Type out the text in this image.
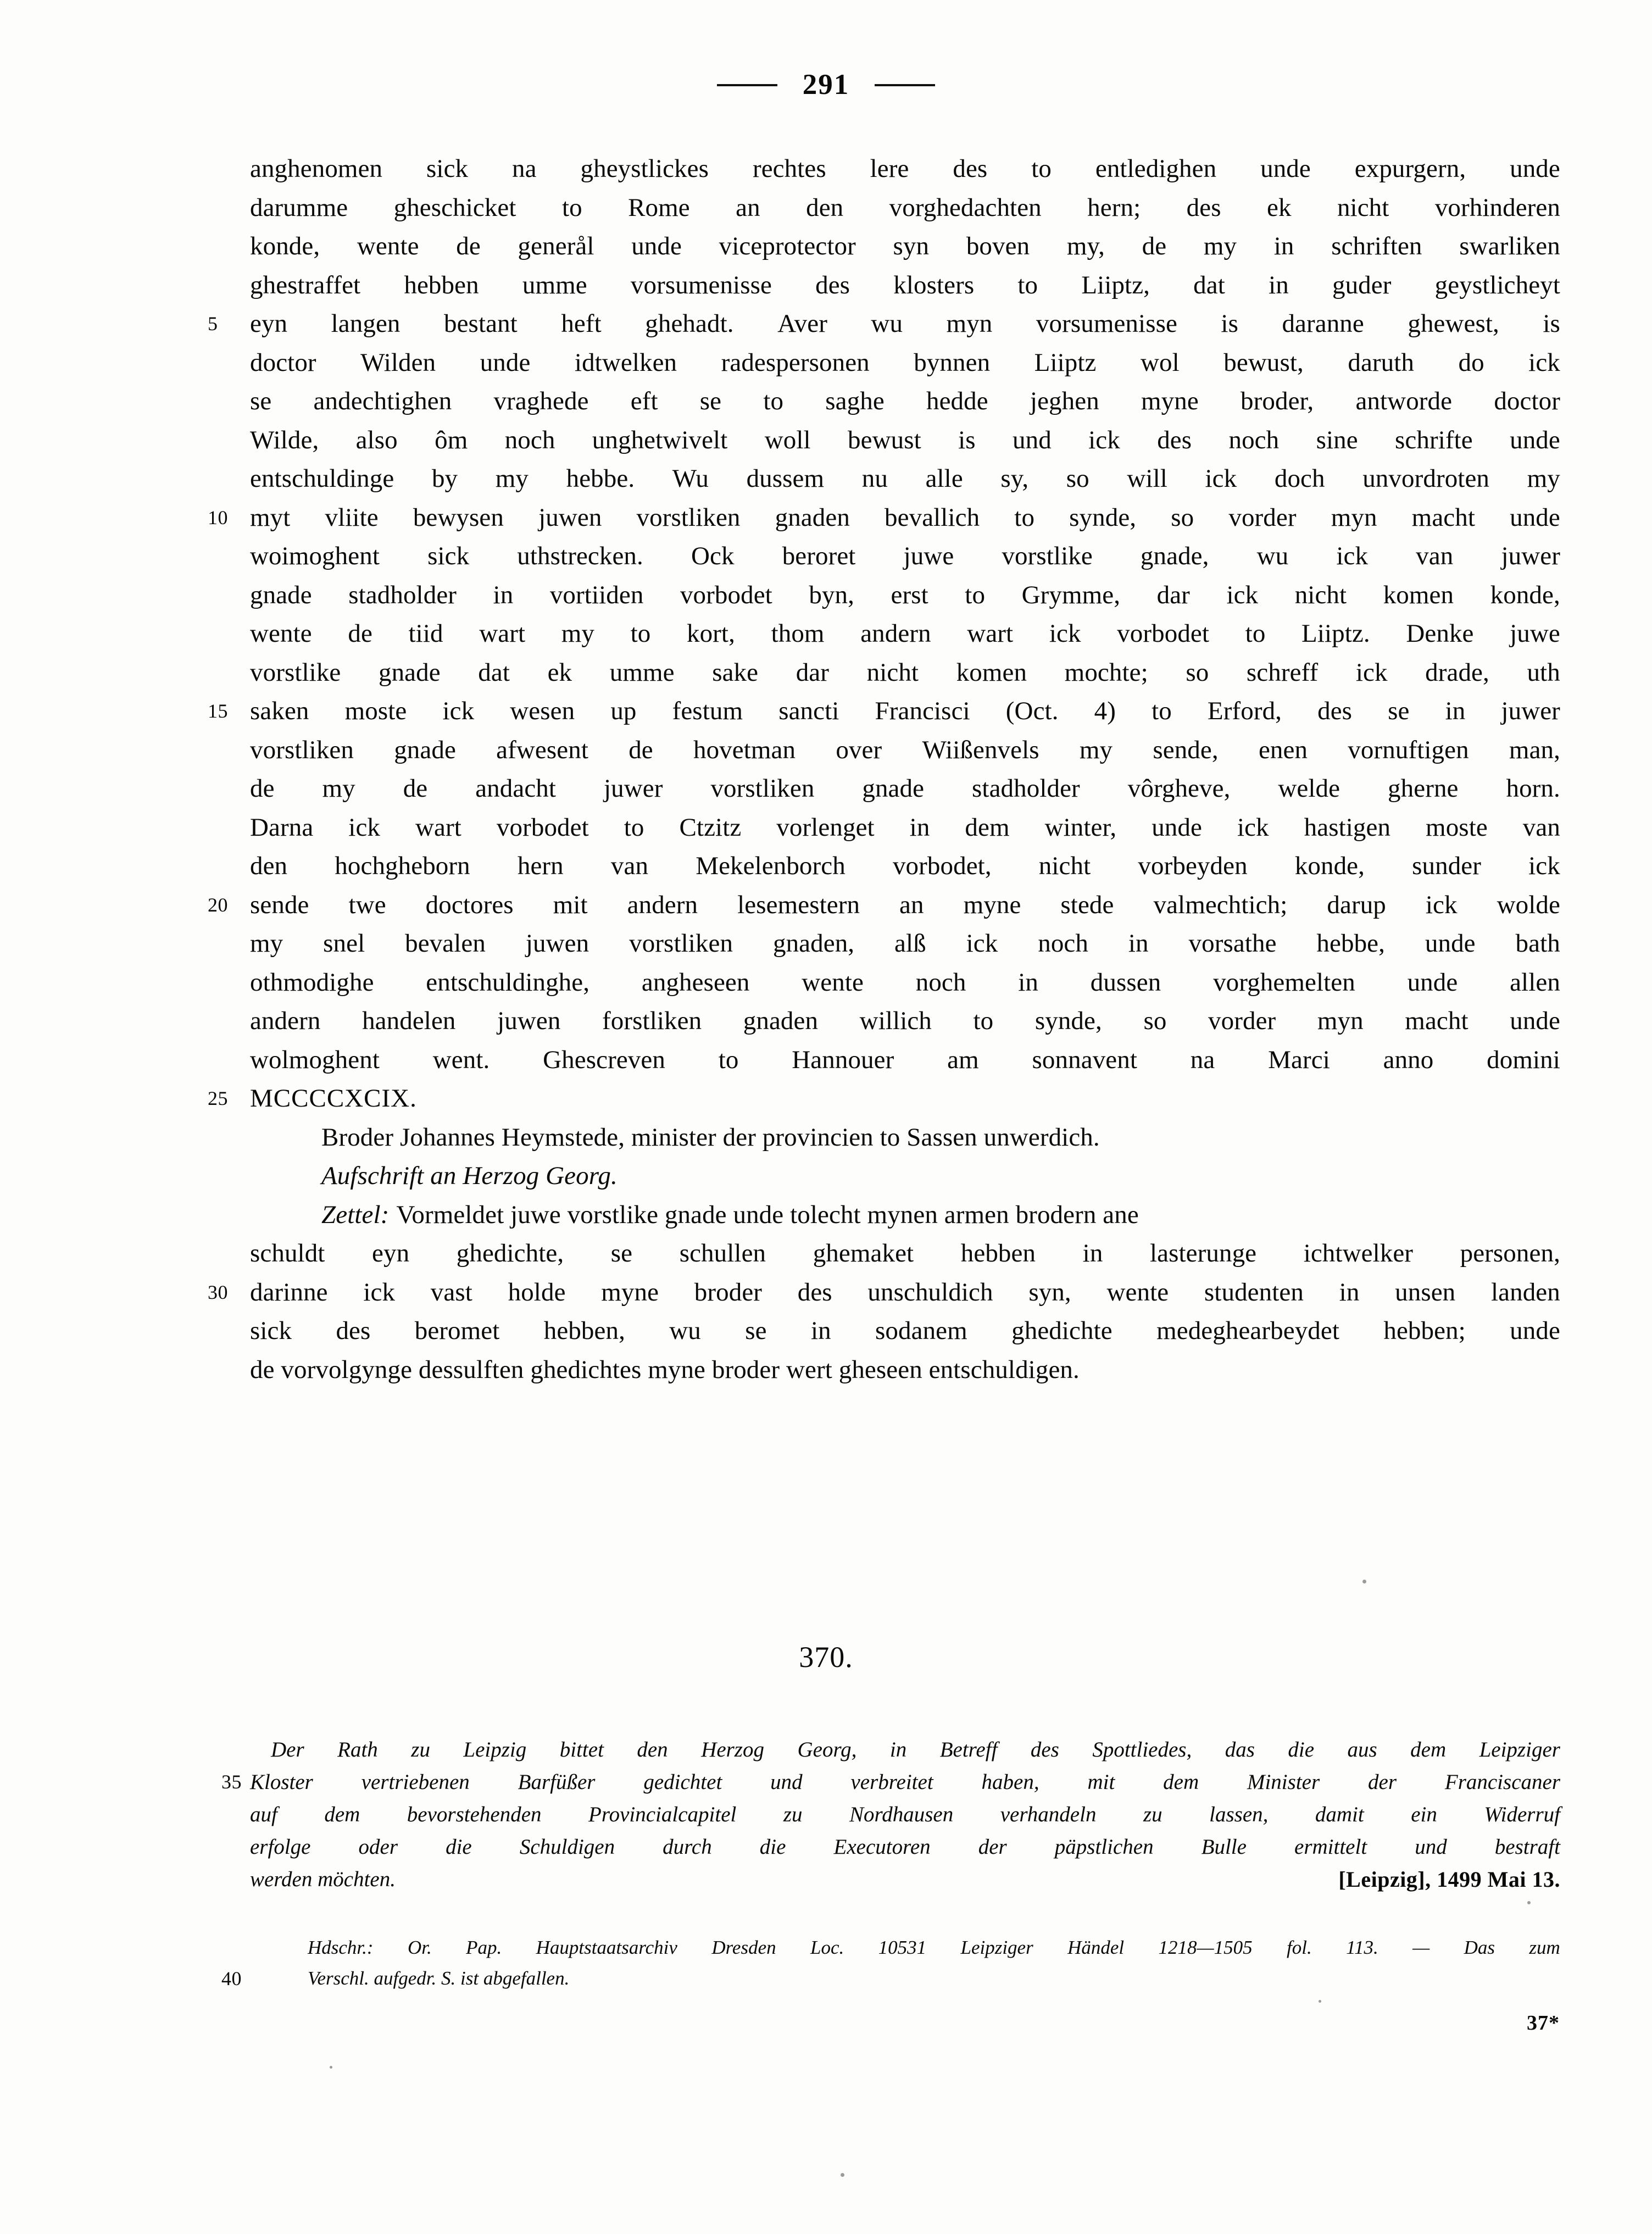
291
anghenomen sick na gheystlickes rechtes lere des to entledighen unde expurgern, unde
darumme gheschicket to Rome an den vorghedachten hern; des ek nicht vorhinderen
konde, wente de generål unde viceprotector syn boven my, de my in schriften swarliken
ghestraffet hebben umme vorsumenisse des klosters to Liiptz, dat in guder geystlicheyt
5	eyn langen bestant heft ghehadt. Aver wu myn vorsumenisse is daranne ghewest, is
doctor Wilden unde idtwelken radespersonen bynnen Liiptz wol bewust, daruth do ick
se andechtighen vraghede eft se to saghe hedde jeghen myne broder, antworde doctor
Wilde, also ôm noch unghetwivelt woll bewust is und ick des noch sine schrifte unde
entschuldinge by my hebbe. Wu dussem nu alle sy, so will ick doch unvordroten my
10 myt vliite bewysen juwen vorstliken gnaden bevallich to synde, so vorder myn macht unde
woimoghent sick uthstrecken. Ock beroret juwe vorstlike gnade, wu ick van juwer
gnade stadholder in vortiiden vorbodet byn, erst to Grymme, dar ick nicht komen konde,
wente de tiid wart my to kort, thom andern wart ick vorbodet to Liiptz. Denke juwe
vorstlike gnade dat ek umme sake dar nicht komen mochte; so schreff ick drade, uth
15 saken moste ick wesen up festum sancti Francisci (Oct. 4) to Erford, des se in juwer
vorstliken gnade afwesent de hovetman over Wiißenvels my sende, enen vornuftigen man,
de my de andacht juwer vorstliken gnade stadholder vôrgheve, welde gherne horn.
Darna ick wart vorbodet to Ctzitz vorlenget in dem winter, unde ick hastigen moste van
den hochgheborn hern van Mekelenborch vorbodet, nicht vorbeyden konde, sunder ick
20 sende twe doctores mit andern lesemestern an myne stede valmechtich; darup ick wolde
my snel bevalen juwen vorstliken gnaden, alß ick noch in vorsathe hebbe, unde bath
othmodighe entschuldinghe, angheseen wente noch in dussen vorghemelten unde allen
andern handelen juwen forstliken gnaden willich to synde, so vorder myn macht unde
wolmoghent went. Ghescreven to Hannouer am sonnavent na Marci anno domini
25 MCCCCXCIX.
Broder Johannes Heymstede, minister der provincien to Sassen unwerdich.
Aufschrift an Herzog Georg.
Zettel: Vormeldet juwe vorstlike gnade unde tolecht mynen armen brodern ane
schuldt eyn ghedichte, se schullen ghemaket hebben in lasterunge ichtwelker personen,
30 darinne ick vast holde myne broder des unschuldich syn, wente studenten in unsen landen
sick des beromet hebben, wu se in sodanem ghedichte medeghearbeydet hebben; unde
de vorvolgynge dessulften ghedichtes myne broder wert gheseen entschuldigen.
370.
Der Rath zu Leipzig bittet den Herzog Georg, in Betreff des Spottliedes, das die aus dem Leipziger
35 Kloster vertriebenen Barfüßer gedichtet und verbreitet haben, mit dem Minister der Franciscaner
auf dem bevorstehenden Provincialcapitel zu Nordhausen verhandeln zu lassen, damit ein Widerruf
erfolge oder die Schuldigen durch die Executoren der päpstlichen Bulle ermittelt und bestraft
werden möchten.	[Leipzig], 1499 Mai 13.
Hdschr.: Or. Pap. Hauptstaatsarchiv Dresden Loc. 10531 Leipziger Händel 1218—1505 fol. 113. — Das zum
40	Verschl. aufgedr. S. ist abgefallen.
37*
